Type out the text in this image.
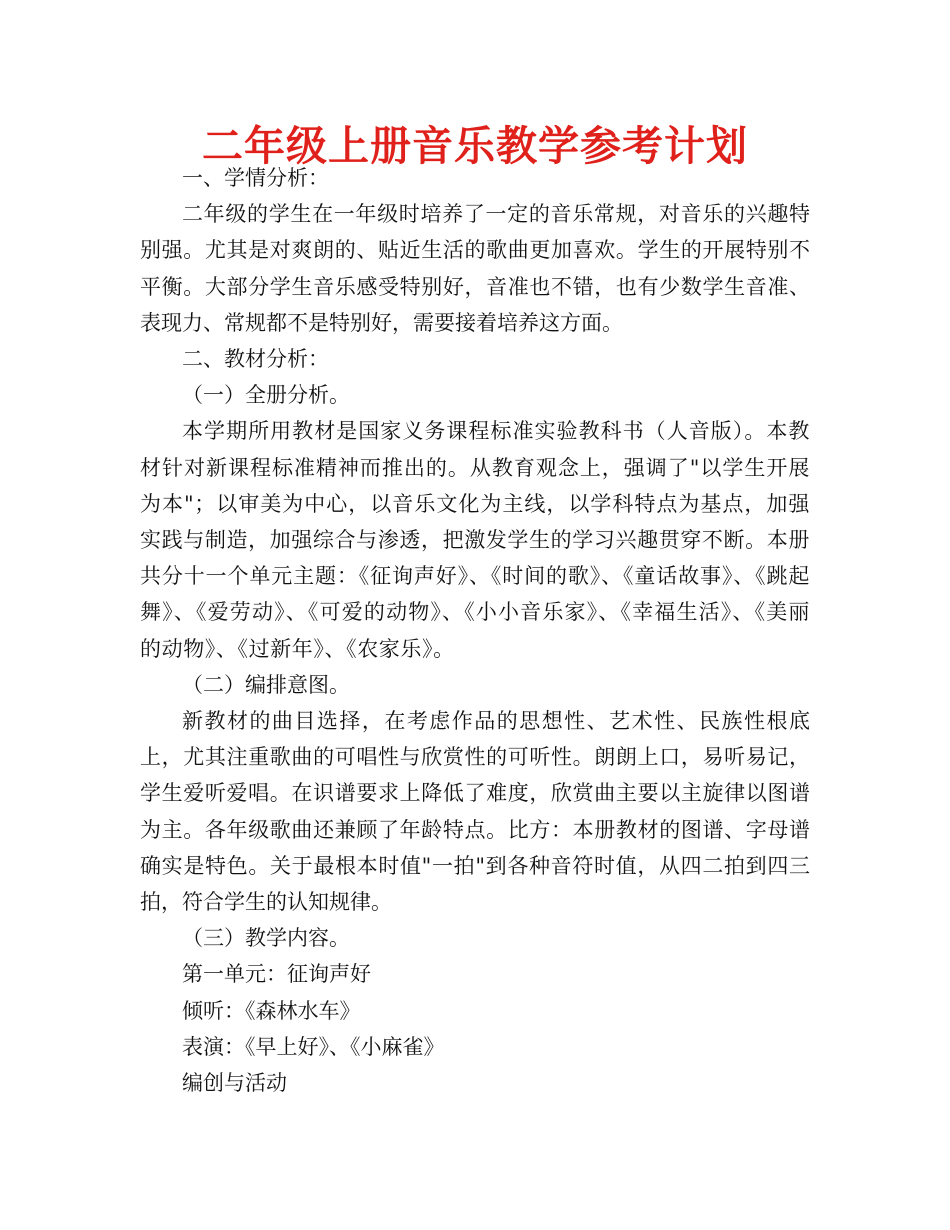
二年级上册音乐教学参考计划

一、学情分析：

二年级的学生在一年级时培养了一定的音乐常规，对音乐的兴趣特别强。尤其是对爽朗的、贴近生活的歌曲更加喜欢。学生的开展特别不平衡。大部分学生音乐感受特别好，音准也不错，也有少数学生音准、表现力、常规都不是特别好，需要接着培养这方面。

二、教材分析：

（一）全册分析。

本学期所用教材是国家义务课程标准实验教科书（人音版）。本教材针对新课程标准精神而推出的。从教育观念上，强调了"以学生开展为本"；以审美为中心，以音乐文化为主线，以学科特点为基点，加强实践与制造，加强综合与渗透，把激发学生的学习兴趣贯穿不断。本册共分十一个单元主题：《征询声好》、《时间的歌》、《童话故事》、《跳起舞》、《爱劳动》、《可爱的动物》、《小小音乐家》、《幸福生活》、《美丽的动物》、《过新年》、《农家乐》。

（二）编排意图。

新教材的曲目选择，在考虑作品的思想性、艺术性、民族性根底上，尤其注重歌曲的可唱性与欣赏性的可听性。朗朗上口，易听易记，学生爱听爱唱。在识谱要求上降低了难度，欣赏曲主要以主旋律以图谱为主。各年级歌曲还兼顾了年龄特点。比方：本册教材的图谱、字母谱确实是特色。关于最根本时值"一拍"到各种音符时值，从四二拍到四三拍，符合学生的认知规律。

（三）教学内容。

第一单元：征询声好

倾听：《森林水车》

表演：《早上好》、《小麻雀》

编创与活动
